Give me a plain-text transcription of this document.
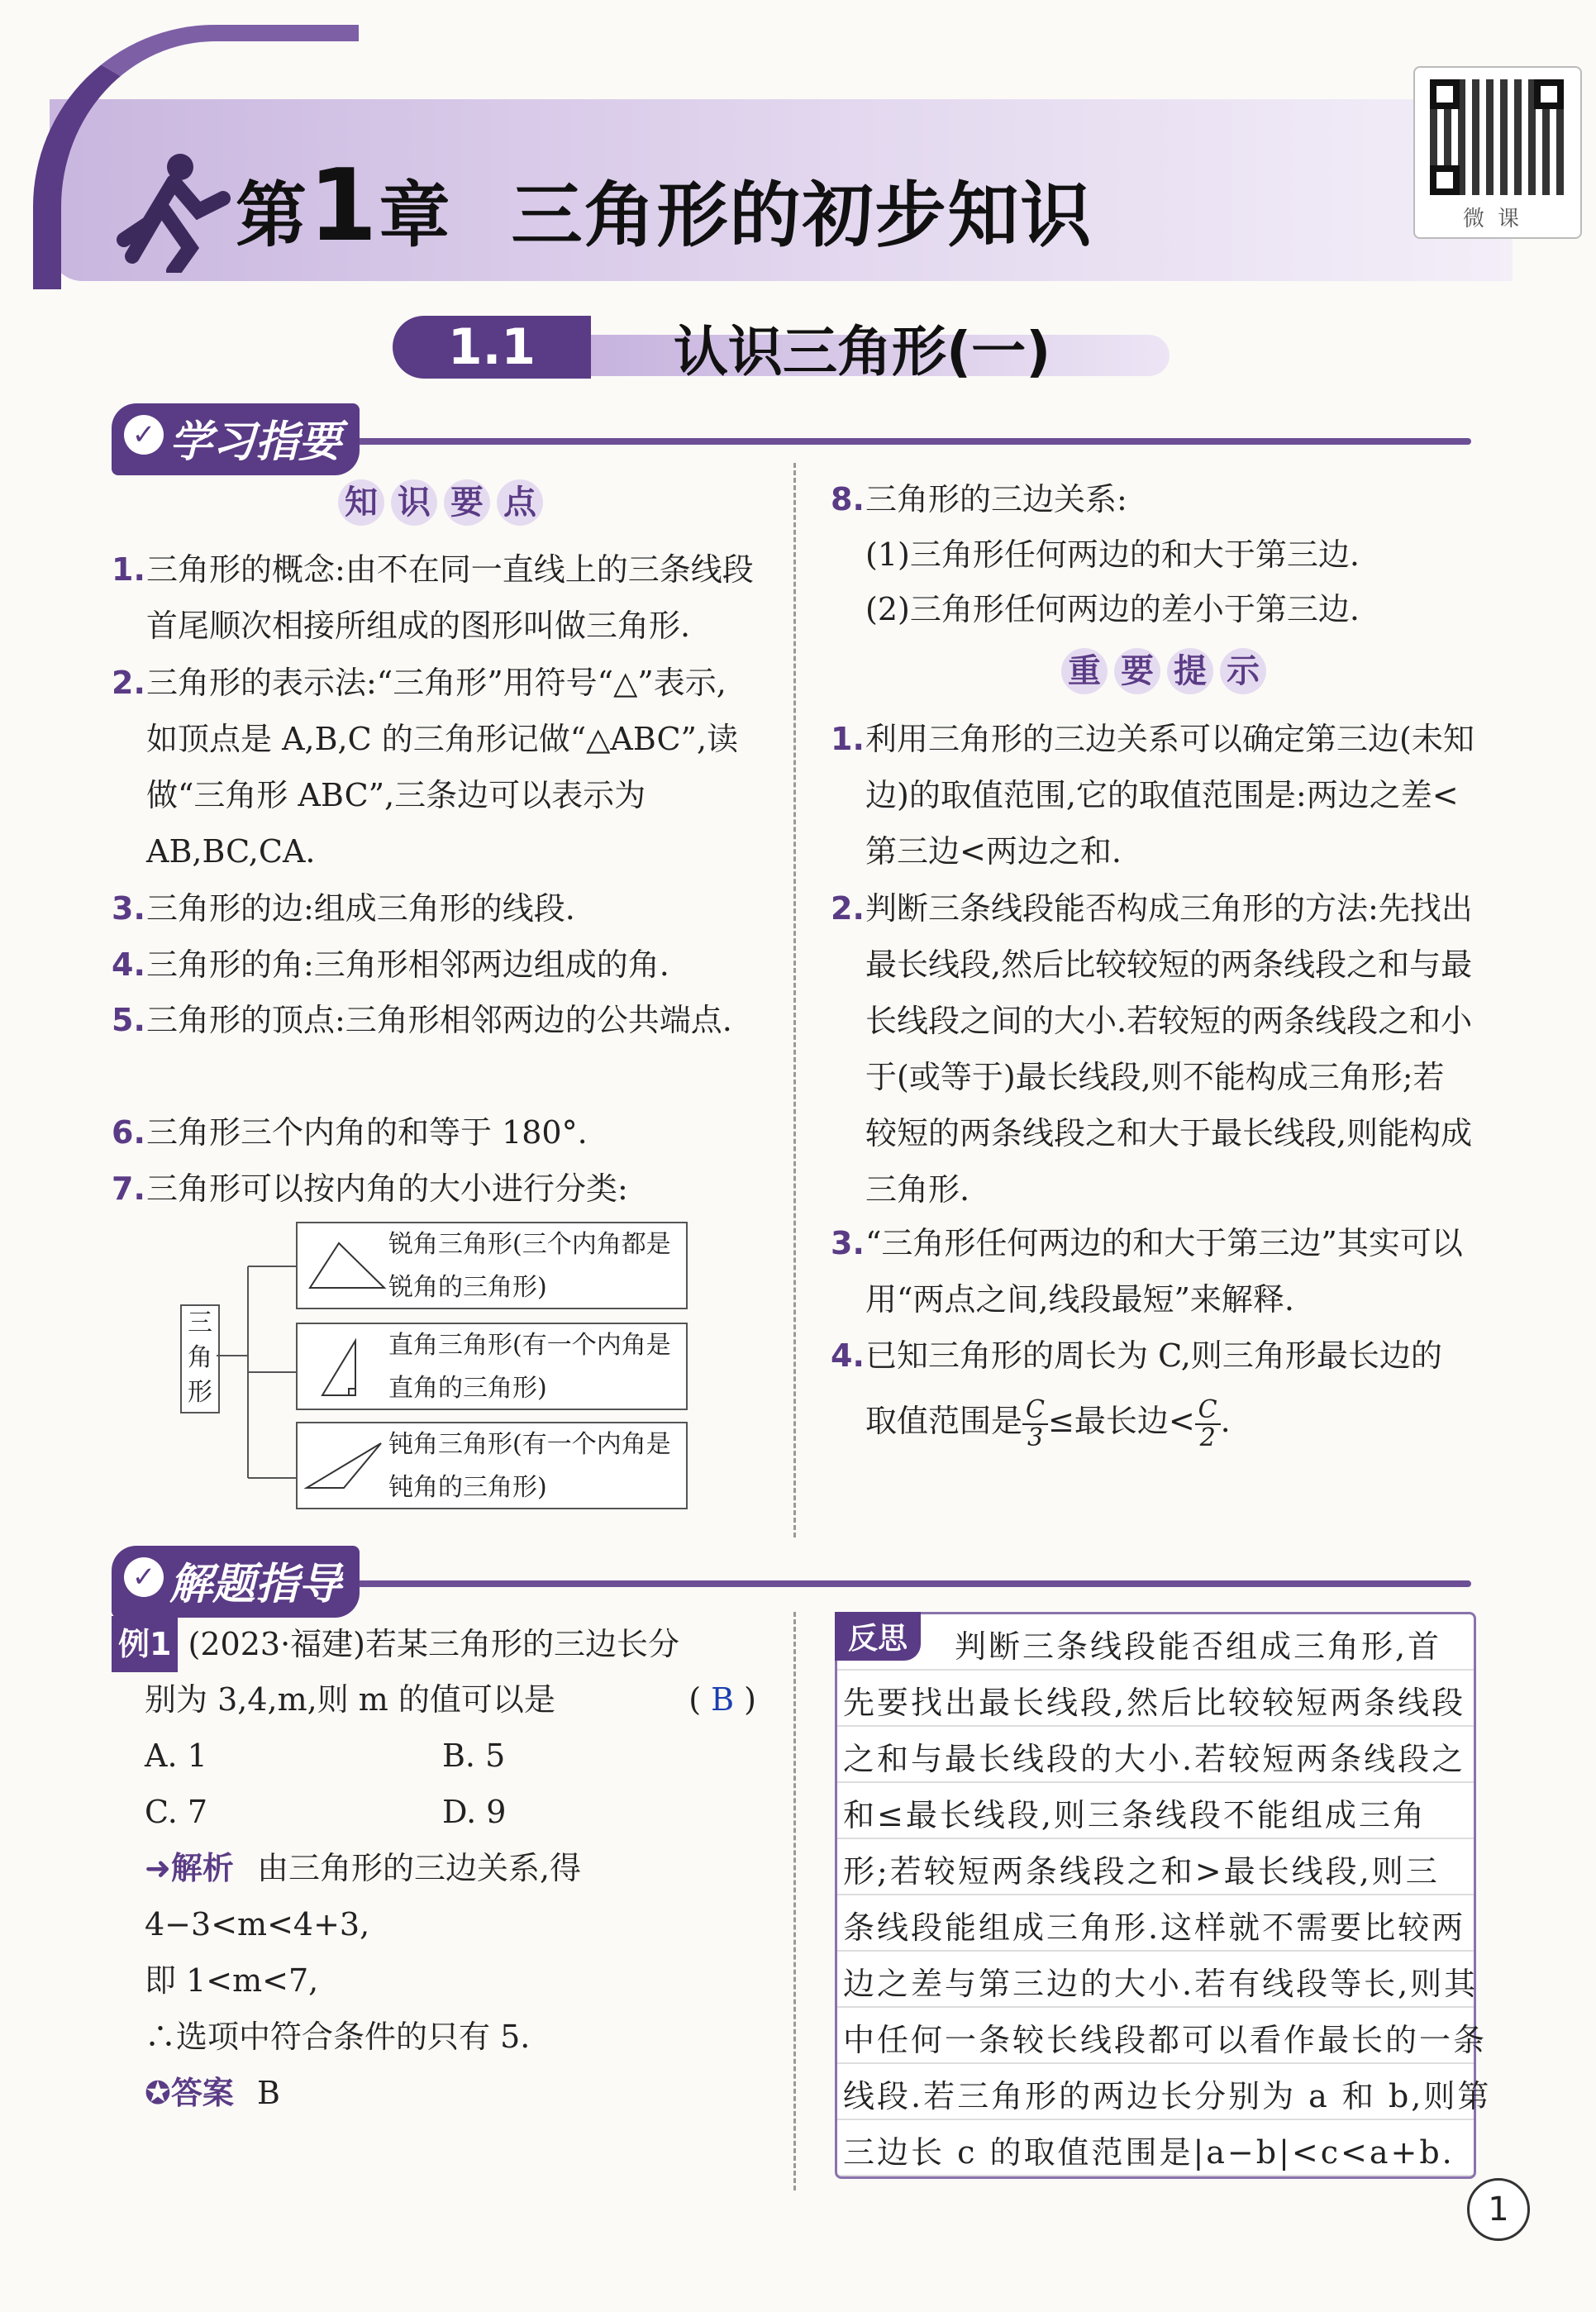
第1章 三角形的初步知识	微课
1.1	认识三角形(一)
学习指要
✓
知 识 要 点
1. 三角形的概念:由不在同一直线上的三条线段首尾顺次相接所组成的图形叫做三角形.
2. 三角形的表示法:“三角形”用符号“△”表示,如顶点是 A,B,C 的三角形记做“△ABC”,读做“三角形 ABC”,三条边可以表示为 AB,BC,CA.
3. 三角形的边:组成三角形的线段.
4. 三角形的角:三角形相邻两边组成的角.
5. 三角形的顶点:三角形相邻两边的公共端点.
6. 三角形三个内角的和等于 180°.
7. 三角形可以按内角的大小进行分类:
三角形
锐角三角形(三个内角都是锐角的三角形)
直角三角形(有一个内角是直角的三角形)
钝角三角形(有一个内角是钝角的三角形)
8. 三角形的三边关系:
(1)三角形任何两边的和大于第三边.
(2)三角形任何两边的差小于第三边.
重 要 提 示
1. 利用三角形的三边关系可以确定第三边(未知边)的取值范围,它的取值范围是:两边之差<第三边<两边之和.
2. 判断三条线段能否构成三角形的方法:先找出最长线段,然后比较较短的两条线段之和与最长线段之间的大小.若较短的两条线段之和小于(或等于)最长线段,则不能构成三角形;若较短的两条线段之和大于最长线段,则能构成三角形.
3. “三角形任何两边的和大于第三边”其实可以用“两点之间,线段最短”来解释.
4. 已知三角形的周长为 C,则三角形最长边的
取值范围是 $\frac{C}{3}\le$最长边< $\frac{C}{2}$.
解题指导
✓
例1 (2023·福建)若某三角形的三边长分
别为 3,4,m,则 m 的值可以是	( B )
A. 1	B. 5
C. 7	D. 9
➜解析 由三角形的三边关系,得
4−3<m<4+3,
即 1<m<7,
∴选项中符合条件的只有 5.
✪答案 B
反思	判断三条线段能否组成三角形,首
先要找出最长线段,然后比较较短两条线段
之和与最长线段的大小.若较短两条线段之
和≤最长线段,则三条线段不能组成三角
形;若较短两条线段之和>最长线段,则三
条线段能组成三角形.这样就不需要比较两
边之差与第三边的大小.若有线段等长,则其
中任何一条较长线段都可以看作最长的一条
线段.若三角形的两边长分别为 a 和 b,则第
三边长 c 的取值范围是|a−b|<c<a+b.
1
